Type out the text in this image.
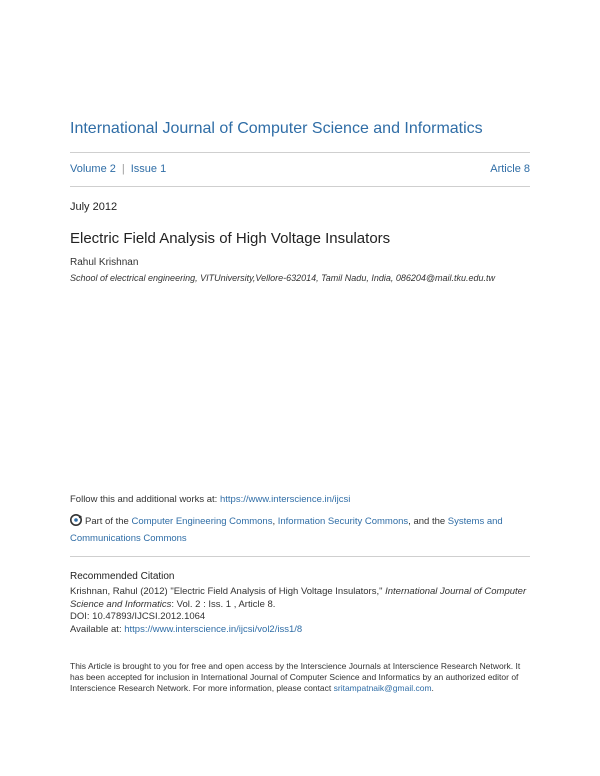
International Journal of Computer Science and Informatics
Volume 2 | Issue 1	Article 8
July 2012
Electric Field Analysis of High Voltage Insulators
Rahul Krishnan
School of electrical engineering, VITUniversity,Vellore-632014, Tamil Nadu, India, 086204@mail.tku.edu.tw
Follow this and additional works at: https://www.interscience.in/ijcsi
Part of the Computer Engineering Commons, Information Security Commons, and the Systems and Communications Commons
Recommended Citation
Krishnan, Rahul (2012) "Electric Field Analysis of High Voltage Insulators," International Journal of Computer Science and Informatics: Vol. 2 : Iss. 1 , Article 8.
DOI: 10.47893/IJCSI.2012.1064
Available at: https://www.interscience.in/ijcsi/vol2/iss1/8
This Article is brought to you for free and open access by the Interscience Journals at Interscience Research Network. It has been accepted for inclusion in International Journal of Computer Science and Informatics by an authorized editor of Interscience Research Network. For more information, please contact sritampatnaik@gmail.com.
